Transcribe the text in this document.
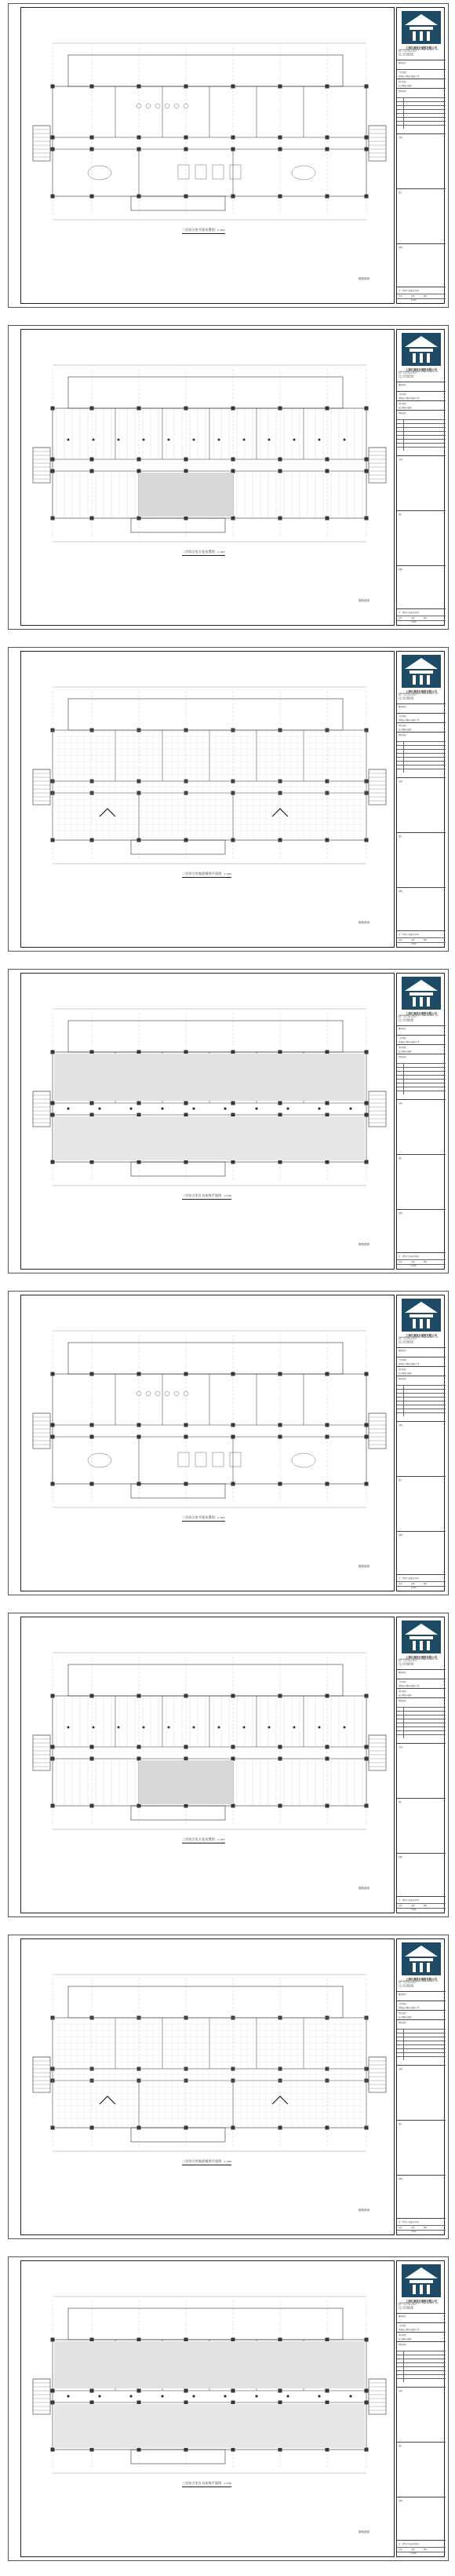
二层综合室平面布置图 1:100
图纸说明
上海江源设计建筑有限公司
SHANGHAI JIANGYUAN ARCHITECTURAL DESIGN CO.,LTD
地址：上海市 XXX 路 XXX 号
电话：021-XXXXXXXX
传真：021-XXXXXXXX
建设单位：
工程名称：
某某综合楼室内装饰工程
项目名称：
综合楼室内装饰
图纸名称：
审核：
设计：
制图：
注：本图尺寸以毫米为单位
日期	比例	图号
1:100
二层综合室天花布置图 1:100
图纸说明
上海江源设计建筑有限公司
SHANGHAI JIANGYUAN ARCHITECTURAL DESIGN CO.,LTD
地址：上海市 XXX 路 XXX 号
电话：021-XXXXXXXX
传真：021-XXXXXXXX
建设单位：
工程名称：
某某综合楼室内装饰工程
项目名称：
综合楼室内装饰
图纸名称：
审核：
设计：
制图：
注：本图尺寸以毫米为单位
日期	比例	图号
1:100
二层综合室地面铺装平面图 1:100
图纸说明
上海江源设计建筑有限公司
SHANGHAI JIANGYUAN ARCHITECTURAL DESIGN CO.,LTD
地址：上海市 XXX 路 XXX 号
电话：021-XXXXXXXX
传真：021-XXXXXXXX
建设单位：
工程名称：
某某综合楼室内装饰工程
项目名称：
综合楼室内装饰
图纸名称：
审核：
设计：
制图：
注：本图尺寸以毫米为单位
日期	比例	图号
1:100
二层综合室灯具连线平面图 1:100
图纸说明
上海江源设计建筑有限公司
SHANGHAI JIANGYUAN ARCHITECTURAL DESIGN CO.,LTD
地址：上海市 XXX 路 XXX 号
电话：021-XXXXXXXX
传真：021-XXXXXXXX
建设单位：
工程名称：
某某综合楼室内装饰工程
项目名称：
综合楼室内装饰
图纸名称：
审核：
设计：
制图：
注：本图尺寸以毫米为单位
日期	比例	图号
1:100
三层综合室平面布置图 1:100
图纸说明
上海江源设计建筑有限公司
SHANGHAI JIANGYUAN ARCHITECTURAL DESIGN CO.,LTD
地址：上海市 XXX 路 XXX 号
电话：021-XXXXXXXX
传真：021-XXXXXXXX
建设单位：
工程名称：
某某综合楼室内装饰工程
项目名称：
综合楼室内装饰
图纸名称：
审核：
设计：
制图：
注：本图尺寸以毫米为单位
日期	比例	图号
1:100
三层综合室天花布置图 1:100
图纸说明
上海江源设计建筑有限公司
SHANGHAI JIANGYUAN ARCHITECTURAL DESIGN CO.,LTD
地址：上海市 XXX 路 XXX 号
电话：021-XXXXXXXX
传真：021-XXXXXXXX
建设单位：
工程名称：
某某综合楼室内装饰工程
项目名称：
综合楼室内装饰
图纸名称：
审核：
设计：
制图：
注：本图尺寸以毫米为单位
日期	比例	图号
1:100
三层综合室地面铺装平面图 1:100
图纸说明
上海江源设计建筑有限公司
SHANGHAI JIANGYUAN ARCHITECTURAL DESIGN CO.,LTD
地址：上海市 XXX 路 XXX 号
电话：021-XXXXXXXX
传真：021-XXXXXXXX
建设单位：
工程名称：
某某综合楼室内装饰工程
项目名称：
综合楼室内装饰
图纸名称：
审核：
设计：
制图：
注：本图尺寸以毫米为单位
日期	比例	图号
1:100
三层综合室灯具连线平面图 1:100
图纸说明
上海江源设计建筑有限公司
SHANGHAI JIANGYUAN ARCHITECTURAL DESIGN CO.,LTD
地址：上海市 XXX 路 XXX 号
电话：021-XXXXXXXX
传真：021-XXXXXXXX
建设单位：
工程名称：
某某综合楼室内装饰工程
项目名称：
综合楼室内装饰
图纸名称：
审核：
设计：
制图：
注：本图尺寸以毫米为单位
日期	比例	图号
1:100
